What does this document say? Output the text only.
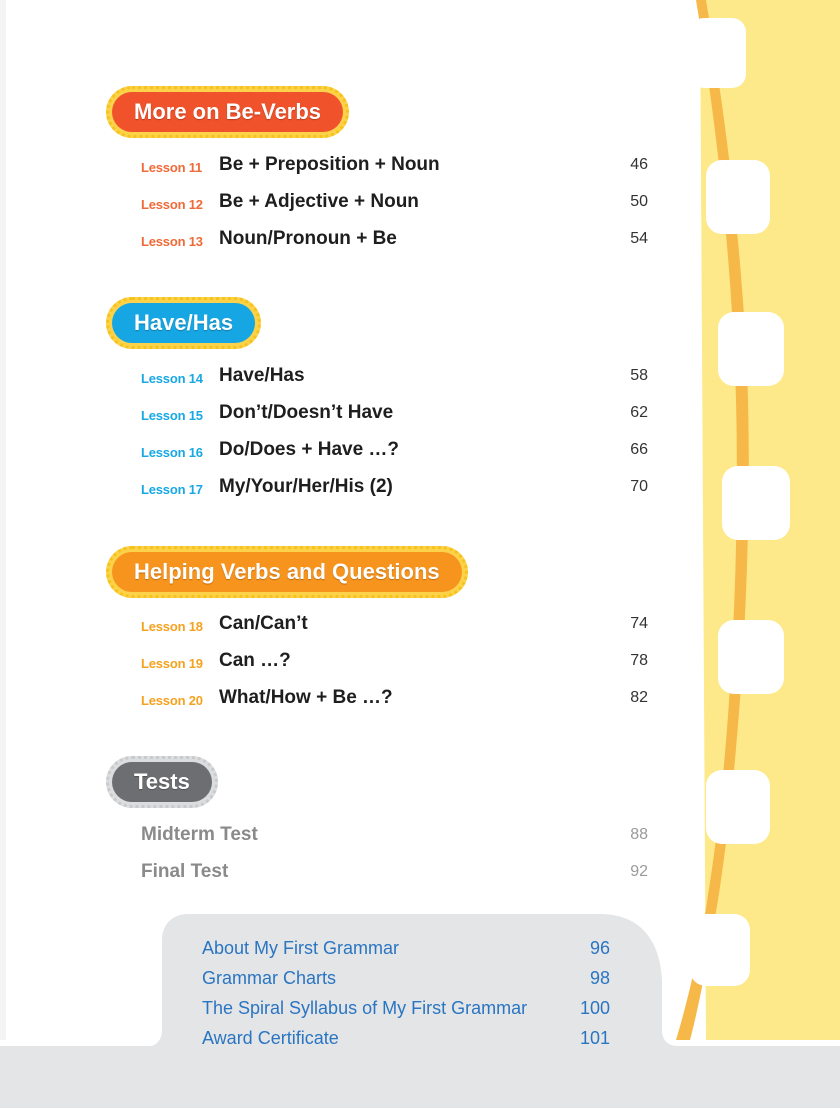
More on Be-Verbs
Lesson 11 Be + Preposition + Noun	46
Lesson 12 Be + Adjective + Noun	50
Lesson 13 Noun/Pronoun + Be	54
Have/Has
Lesson 14 Have/Has	58
Lesson 15 Don’t/Doesn’t Have	62
Lesson 16 Do/Does + Have …?	66
Lesson 17 My/Your/Her/His (2)	70
Helping Verbs and Questions
Lesson 18 Can/Can’t	74
Lesson 19 Can …?	78
Lesson 20 What/How + Be …?	82
Tests
Midterm Test	88
Final Test	92
About My First Grammar	96
Grammar Charts	98
The Spiral Syllabus of My First Grammar	100
Award Certificate	101
